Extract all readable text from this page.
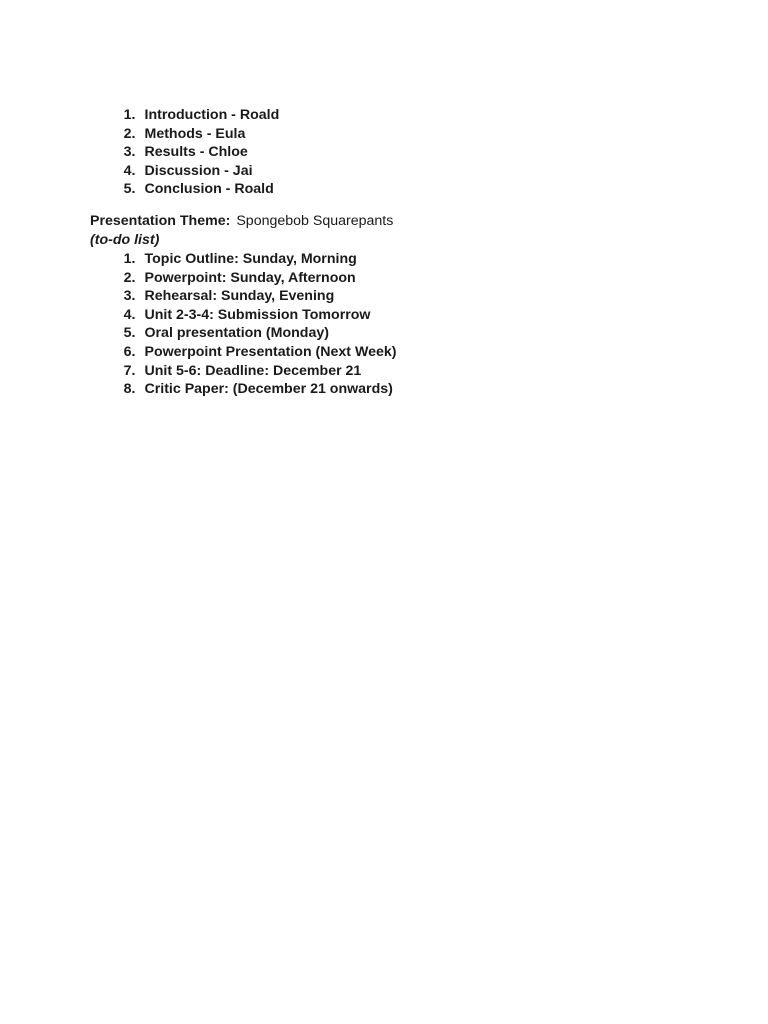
1 . Introduction - Roald
2 . Methods - Eula
3 . Results - Chloe
4 . Discussion - Jai
5 . Conclusion - Roald
Presentation Theme: Spongebob Squarepants
(to-do list)
1 . Topic Outline: Sunday, Morning
2 . Powerpoint: Sunday, Afternoon
3 . Rehearsal: Sunday, Evening
4 . Unit 2-3-4: Submission Tomorrow
5 . Oral presentation (Monday)
6 . Powerpoint Presentation (Next Week)
7 . Unit 5-6: Deadline: December 21
8 . Critic Paper: (December 21 onwards)
